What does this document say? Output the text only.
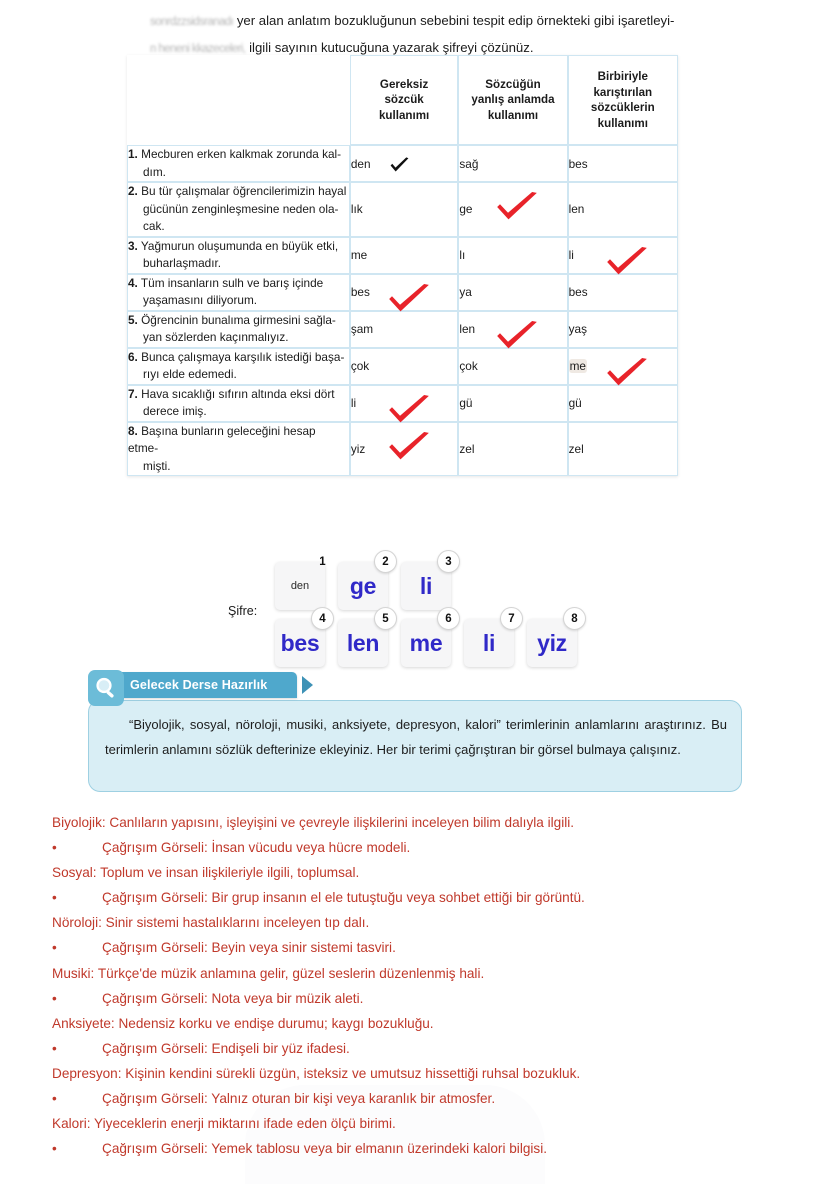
sonrdzzsidsranadı yer alan anlatım bozukluğunun sebebini tespit edip örnekteki gibi işaretleyi-
n heneni kkazeceleri, ilgili sayının kutucuğuna yazarak şifreyi çözünüz.
	Gereksiz
sözcük
kullanımı	Sözcüğün
yanlış anlamda
kullanımı	Birbiriyle
karıştırılan
sözcüklerin
kullanımı
1. Mecburen erken kalkmak zorunda kal-
dım.	den	sağ	bes
2. Bu tür çalışmalar öğrencilerimizin hayal
gücünün zenginleşmesine neden ola-
cak.	lık	ge	len
3. Yağmurun oluşumunda en büyük etki,
buharlaşmadır.	me	lı	li

4. Tüm insanların sulh ve barış içinde
yaşamasını diliyorum.	bes	ya	bes
5. Öğrencinin bunalıma girmesini sağla-
yan sözlerden kaçınmalıyız.	şam	len	yaş
6. Bunca çalışmaya karşılık istediği başa-
rıyı elde edemedi.	çok	çok	me

7. Hava sıcaklığı sıfırın altında eksi dört
derece imiş.	li	gü	gü
8. Başına bunların geleceğini hesap etme-
mişti.	yiz	zel	zel
Şifre:
den
1
ge
2
li
3
bes
4
len
5
me
6
li
7
yiz
8
Gelecek Derse Hazırlık
“Biyolojik, sosyal, nöroloji, musiki, anksiyete, depresyon, kalori” terimlerinin anlamlarını araştırınız. Bu terimlerin anlamını sözlük defterinize ekleyiniz. Her bir terimi çağrıştıran bir görsel bulmaya çalışınız.
Biyolojik: Canlıların yapısını, işleyişini ve çevreyle ilişkilerini inceleyen bilim dalıyla ilgili.
•	Çağrışım Görseli: İnsan vücudu veya hücre modeli.
Sosyal: Toplum ve insan ilişkileriyle ilgili, toplumsal.
•	Çağrışım Görseli: Bir grup insanın el ele tutuştuğu veya sohbet ettiği bir görüntü.
Nöroloji: Sinir sistemi hastalıklarını inceleyen tıp dalı.
•	Çağrışım Görseli: Beyin veya sinir sistemi tasviri.
Musiki: Türkçe'de müzik anlamına gelir, güzel seslerin düzenlenmiş hali.
•	Çağrışım Görseli: Nota veya bir müzik aleti.
Anksiyete: Nedensiz korku ve endişe durumu; kaygı bozukluğu.
•	Çağrışım Görseli: Endişeli bir yüz ifadesi.
Depresyon: Kişinin kendini sürekli üzgün, isteksiz ve umutsuz hissettiği ruhsal bozukluk.
•	Çağrışım Görseli: Yalnız oturan bir kişi veya karanlık bir atmosfer.
Kalori: Yiyeceklerin enerji miktarını ifade eden ölçü birimi.
•	Çağrışım Görseli: Yemek tablosu veya bir elmanın üzerindeki kalori bilgisi.
